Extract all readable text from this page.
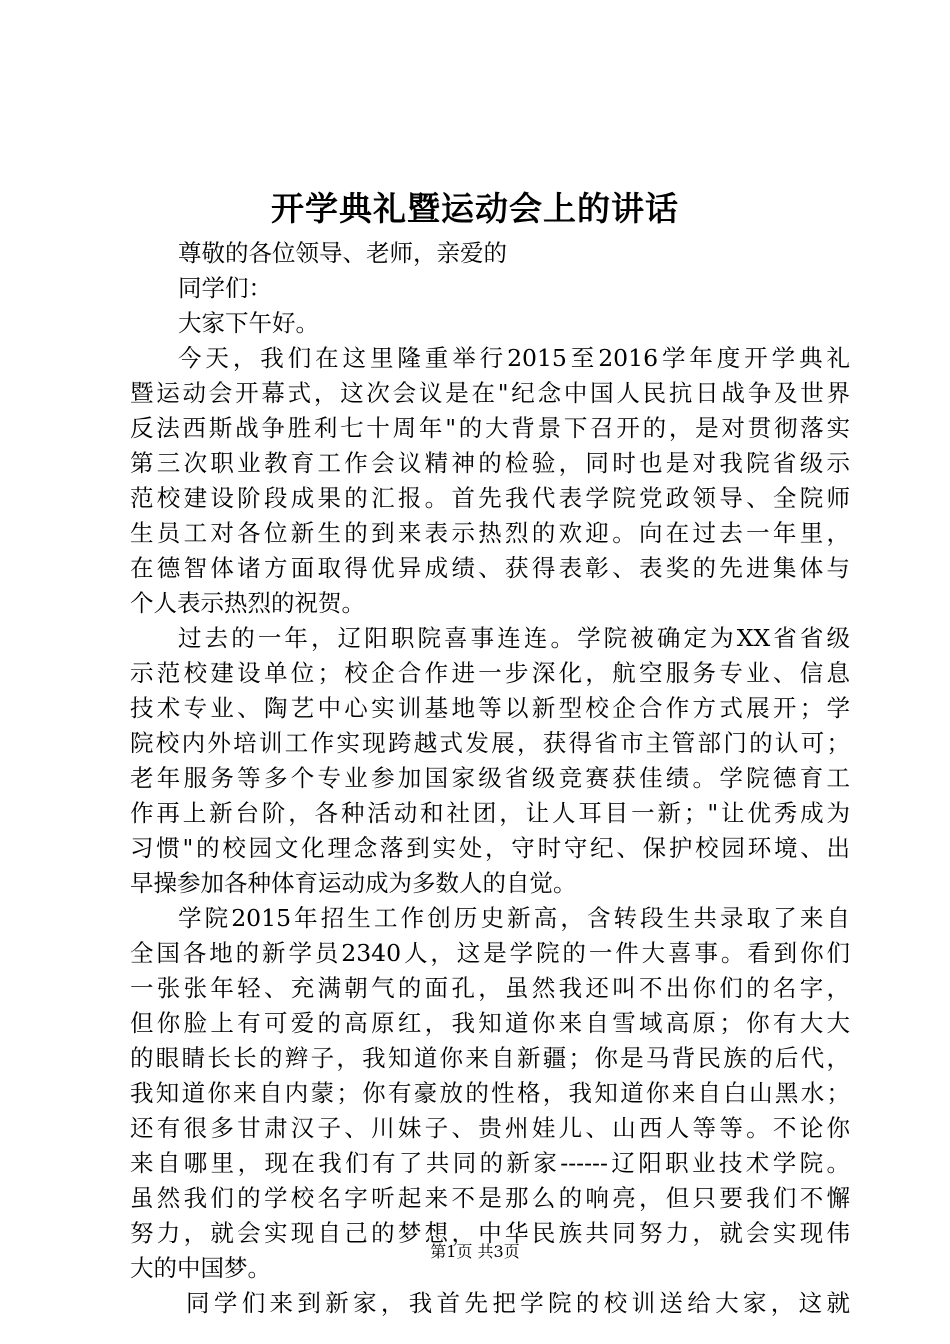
开学典礼暨运动会上的讲话
尊敬的各位领导、老师，亲爱的
同学们：
大家下午好。
今天，我们在这里隆重举行2015至2016学年度开学典礼
暨运动会开幕式，这次会议是在"纪念中国人民抗日战争及世界
反法西斯战争胜利七十周年"的大背景下召开的，是对贯彻落实
第三次职业教育工作会议精神的检验，同时也是对我院省级示
范校建设阶段成果的汇报。首先我代表学院党政领导、全院师
生员工对各位新生的到来表示热烈的欢迎。向在过去一年里，
在德智体诸方面取得优异成绩、获得表彰、表奖的先进集体与
个人表示热烈的祝贺。
过去的一年，辽阳职院喜事连连。学院被确定为XX省省级
示范校建设单位；校企合作进一步深化，航空服务专业、信息
技术专业、陶艺中心实训基地等以新型校企合作方式展开；学
院校内外培训工作实现跨越式发展，获得省市主管部门的认可；
老年服务等多个专业参加国家级省级竞赛获佳绩。学院德育工
作再上新台阶，各种活动和社团，让人耳目一新；"让优秀成为
习惯"的校园文化理念落到实处，守时守纪、保护校园环境、出
早操参加各种体育运动成为多数人的自觉。
学院2015年招生工作创历史新高，含转段生共录取了来自
全国各地的新学员2340人，这是学院的一件大喜事。看到你们
一张张年轻、充满朝气的面孔，虽然我还叫不出你们的名字，
但你脸上有可爱的高原红，我知道你来自雪域高原；你有大大
的眼睛长长的辫子，我知道你来自新疆；你是马背民族的后代，
我知道你来自内蒙；你有豪放的性格，我知道你来自白山黑水；
还有很多甘肃汉子、川妹子、贵州娃儿、山西人等等。不论你
来自哪里，现在我们有了共同的新家------辽阳职业技术学院。
虽然我们的学校名字听起来不是那么的响亮，但只要我们不懈
努力，就会实现自己的梦想，中华民族共同努力，就会实现伟
大的中国梦。
同学们来到新家，我首先把学院的校训送给大家，这就
第1页 共3页
